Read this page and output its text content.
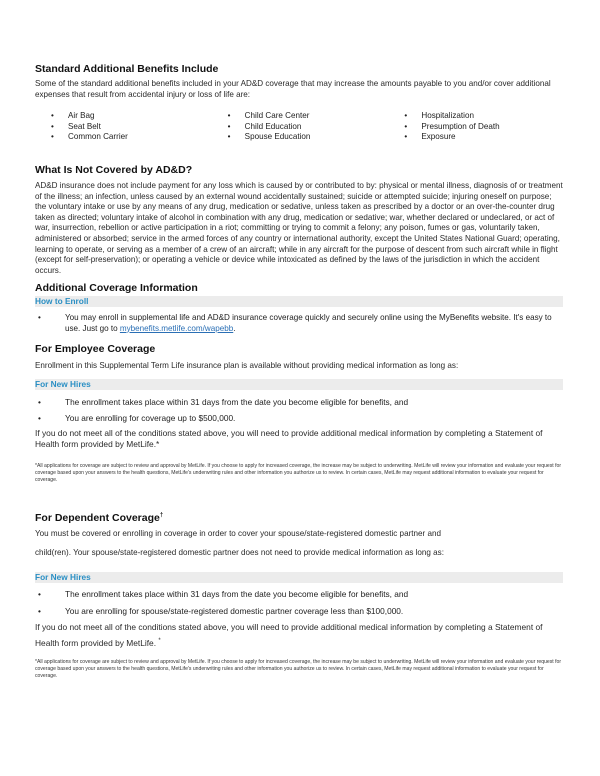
Standard Additional Benefits Include
Some of the standard additional benefits included in your AD&D coverage that may increase the amounts payable to you and/or cover additional expenses that result from accidental injury or loss of life are:
• Air Bag
• Seat Belt
• Common Carrier
• Child Care Center
• Child Education
• Spouse Education
• Hospitalization
• Presumption of Death
• Exposure
What Is Not Covered by AD&D?
AD&D insurance does not include payment for any loss which is caused by or contributed to by: physical or mental illness, diagnosis of or treatment of the illness; an infection, unless caused by an external wound accidentally sustained; suicide or attempted suicide; injuring oneself on purpose; the voluntary intake or use by any means of any drug, medication or sedative, unless taken as prescribed by a doctor or an over-the-counter drug taken as directed; voluntary intake of alcohol in combination with any drug, medication or sedative; war, whether declared or undeclared, or act of war, insurrection, rebellion or active participation in a riot; committing or trying to commit a felony; any poison, fumes or gas, voluntarily taken, administered or absorbed; service in the armed forces of any country or international authority, except the United States National Guard; operating, learning to operate, or serving as a member of a crew of an aircraft; while in any aircraft for the purpose of descent from such aircraft while in flight (except for self-preservation); or operating a vehicle or device while intoxicated as defined by the laws of the jurisdiction in which the accident occurs.
Additional Coverage Information
How to Enroll
• You may enroll in supplemental life and AD&D insurance coverage quickly and securely online using the MyBenefits website. It's easy to use. Just go to mybenefits.metlife.com/wapebb.
For Employee Coverage
Enrollment in this Supplemental Term Life insurance plan is available without providing medical information as long as:
For New Hires
• The enrollment takes place within 31 days from the date you become eligible for benefits, and
• You are enrolling for coverage up to $500,000.
If you do not meet all of the conditions stated above, you will need to provide additional medical information by completing a Statement of Health form provided by MetLife.*
*All applications for coverage are subject to review and approval by MetLife. If you choose to apply for increased coverage, the increase may be subject to underwriting. MetLife will review your information and evaluate your request for coverage based upon your answers to the health questions, MetLife's underwriting rules and other information you authorize us to review. In certain cases, MetLife may request additional information to evaluate your request for coverage.
For Dependent Coverage†
You must be covered or enrolling in coverage in order to cover your spouse/state-registered domestic partner and
child(ren). Your spouse/state-registered domestic partner does not need to provide medical information as long as:
For New Hires
• The enrollment takes place within 31 days from the date you become eligible for benefits, and
• You are enrolling for spouse/state-registered domestic partner coverage less than $100,000.
If you do not meet all of the conditions stated above, you will need to provide additional medical information by completing a Statement of Health form provided by MetLife. *
*All applications for coverage are subject to review and approval by MetLife. If you choose to apply for increased coverage, the increase may be subject to underwriting. MetLife will review your information and evaluate your request for coverage based upon your answers to the health questions, MetLife's underwriting rules and other information you authorize us to review. In certain cases, MetLife may request additional information to evaluate your request for coverage.
